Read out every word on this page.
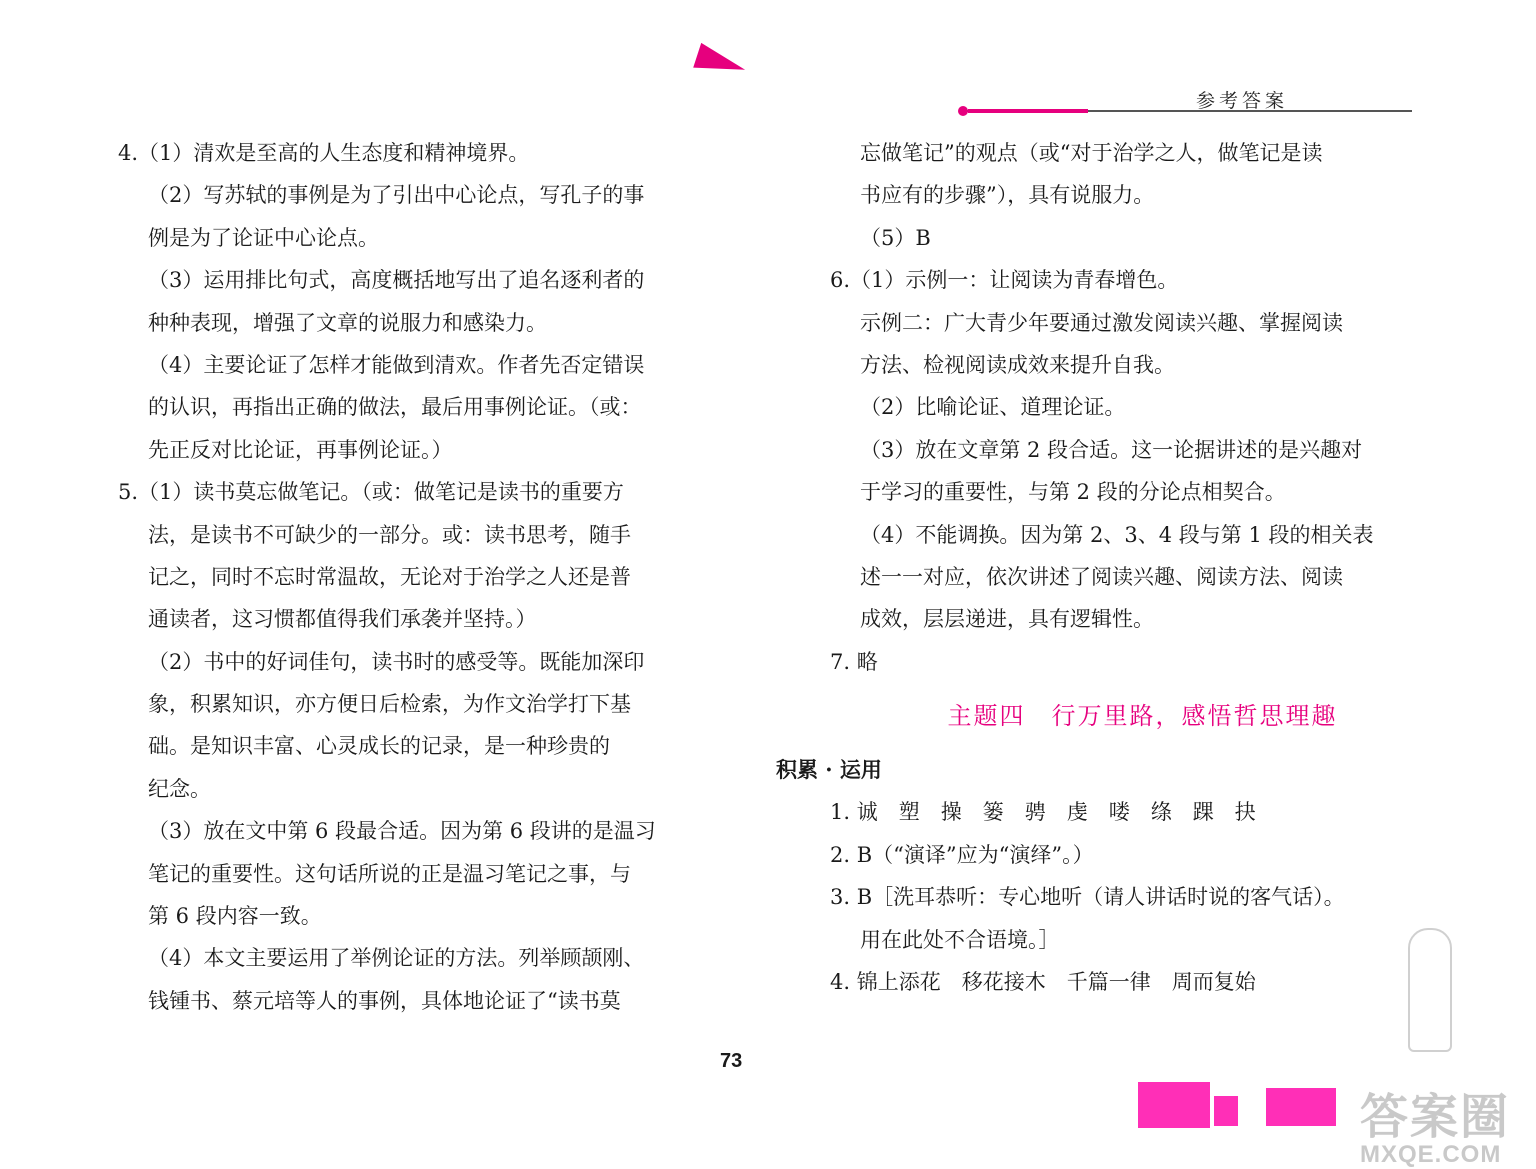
参考答案
4.（1）清欢是至高的人生态度和精神境界。
（2）写苏轼的事例是为了引出中心论点，写孔子的事
例是为了论证中心论点。
（3）运用排比句式，高度概括地写出了追名逐利者的
种种表现，增强了文章的说服力和感染力。
（4）主要论证了怎样才能做到清欢。作者先否定错误
的认识，再指出正确的做法，最后用事例论证。（或：
先正反对比论证，再事例论证。）
5.（1）读书莫忘做笔记。（或：做笔记是读书的重要方
法，是读书不可缺少的一部分。或：读书思考，随手
记之，同时不忘时常温故，无论对于治学之人还是普
通读者，这习惯都值得我们承袭并坚持。）
（2）书中的好词佳句，读书时的感受等。既能加深印
象，积累知识，亦方便日后检索，为作文治学打下基
础。是知识丰富、心灵成长的记录，是一种珍贵的
纪念。
（3）放在文中第 6 段最合适。因为第 6 段讲的是温习
笔记的重要性。这句话所说的正是温习笔记之事，与
第 6 段内容一致。
（4）本文主要运用了举例论证的方法。列举顾颉刚、
钱锺书、蔡元培等人的事例，具体地论证了“读书莫
忘做笔记”的观点（或“对于治学之人，做笔记是读
书应有的步骤”），具有说服力。
（5）B
6.（1）示例一：让阅读为青春增色。
示例二：广大青少年要通过激发阅读兴趣、掌握阅读
方法、检视阅读成效来提升自我。
（2）比喻论证、道理论证。
（3）放在文章第 2 段合适。这一论据讲述的是兴趣对
于学习的重要性，与第 2 段的分论点相契合。
（4）不能调换。因为第 2、3、4 段与第 1 段的相关表
述一一对应，依次讲述了阅读兴趣、阅读方法、阅读
成效，层层递进，具有逻辑性。
7. 略
主题四　行万里路，感悟哲思理趣
积累 · 运用
1. 诚　塑　操　篓　骋　虔　喽　绦　踝　抉
2. B（“演译”应为“演绎”。）
3. B［洗耳恭听：专心地听（请人讲话时说的客气话）。
用在此处不合语境。］
4. 锦上添花　移花接木　千篇一律　周而复始
73
答案圈
MXQE.COM
